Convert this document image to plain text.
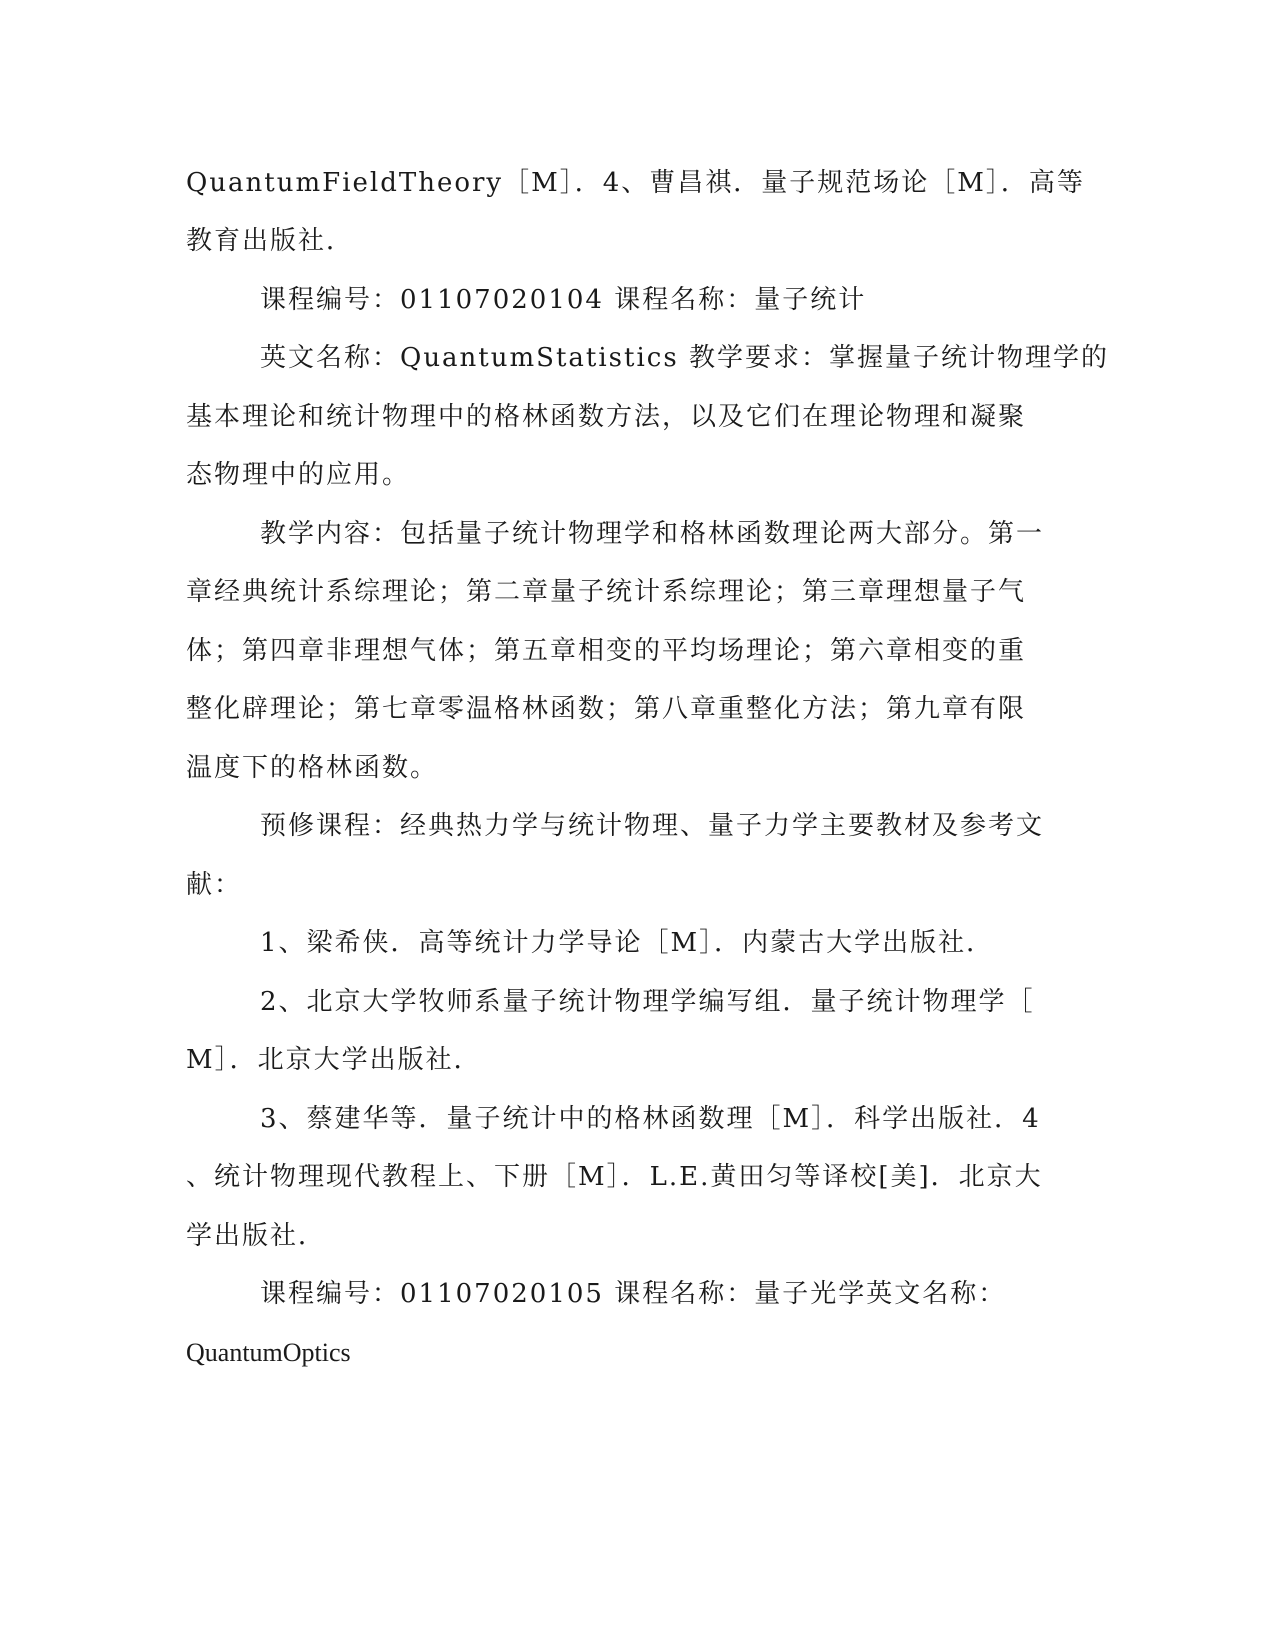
QuantumFieldTheory［M］．4、曹昌祺．量子规范场论［M］．高等
教育出版社．
课程编号：01107020104 课程名称：量子统计
英文名称：QuantumStatistics 教学要求：掌握量子统计物理学的
基本理论和统计物理中的格林函数方法，以及它们在理论物理和凝聚
态物理中的应用。
教学内容：包括量子统计物理学和格林函数理论两大部分。第一
章经典统计系综理论；第二章量子统计系综理论；第三章理想量子气
体；第四章非理想气体；第五章相变的平均场理论；第六章相变的重
整化辟理论；第七章零温格林函数；第八章重整化方法；第九章有限
温度下的格林函数。
预修课程：经典热力学与统计物理、量子力学主要教材及参考文
献：
1、梁希侠．高等统计力学导论［M］．内蒙古大学出版社．
2、北京大学牧师系量子统计物理学编写组．量子统计物理学［
M］．北京大学出版社．
3、蔡建华等．量子统计中的格林函数理［M］．科学出版社．4
、统计物理现代教程上、下册［M］．L.E.黄田匀等译校[美]．北京大
学出版社．
课程编号：01107020105 课程名称：量子光学英文名称：
QuantumOptics
